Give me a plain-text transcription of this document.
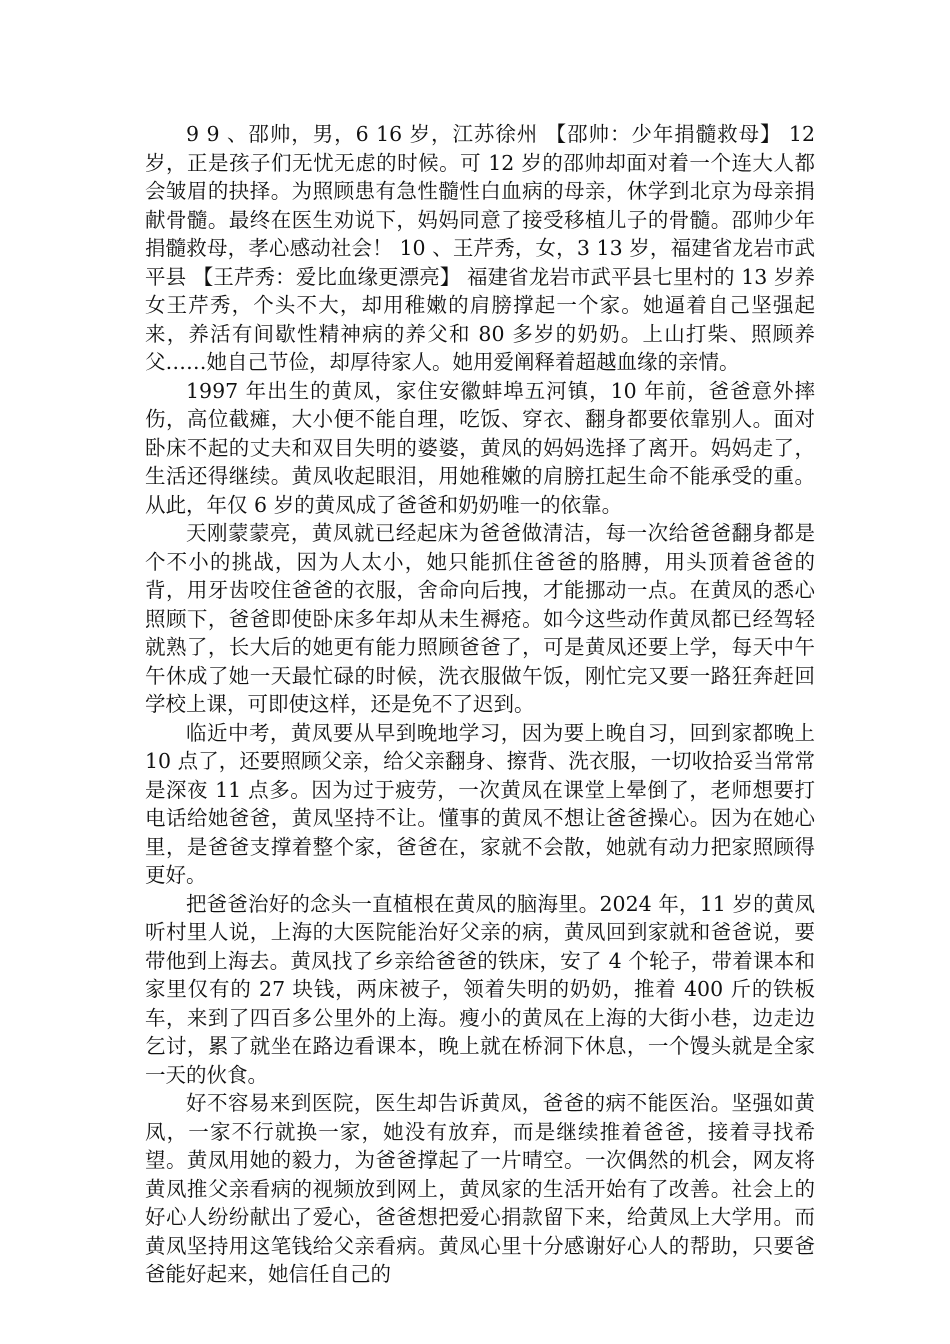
9 9 、邵帅，男，6 16 岁，江苏徐州 【邵帅：少年捐髓救母】 12 岁，正是孩子们无忧无虑的时候。可 12 岁的邵帅却面对着一个连大人都会皱眉的抉择。为照顾患有急性髓性白血病的母亲，休学到北京为母亲捐献骨髓。最终在医生劝说下，妈妈同意了接受移植儿子的骨髓。邵帅少年捐髓救母，孝心感动社会！ 10 、王芹秀，女，3 13 岁，福建省龙岩市武平县 【王芹秀：爱比血缘更漂亮】 福建省龙岩市武平县七里村的 13 岁养女王芹秀，个头不大，却用稚嫩的肩膀撑起一个家。她逼着自己坚强起来，养活有间歇性精神病的养父和 80 多岁的奶奶。上山打柴、照顾养父……她自己节俭，却厚待家人。她用爱阐释着超越血缘的亲情。

1997 年出生的黄凤，家住安徽蚌埠五河镇，10 年前，爸爸意外摔伤，高位截瘫，大小便不能自理，吃饭、穿衣、翻身都要依靠别人。面对卧床不起的丈夫和双目失明的婆婆，黄凤的妈妈选择了离开。妈妈走了，生活还得继续。黄凤收起眼泪，用她稚嫩的肩膀扛起生命不能承受的重。从此，年仅 6 岁的黄凤成了爸爸和奶奶唯一的依靠。

天刚蒙蒙亮，黄凤就已经起床为爸爸做清洁，每一次给爸爸翻身都是个不小的挑战，因为人太小，她只能抓住爸爸的胳膊，用头顶着爸爸的背，用牙齿咬住爸爸的衣服，舍命向后拽，才能挪动一点。在黄凤的悉心照顾下，爸爸即使卧床多年却从未生褥疮。如今这些动作黄凤都已经驾轻就熟了，长大后的她更有能力照顾爸爸了，可是黄凤还要上学，每天中午午休成了她一天最忙碌的时候，洗衣服做午饭，刚忙完又要一路狂奔赶回学校上课，可即使这样，还是免不了迟到。

临近中考，黄凤要从早到晚地学习，因为要上晚自习，回到家都晚上 10 点了，还要照顾父亲，给父亲翻身、擦背、洗衣服，一切收拾妥当常常是深夜 11 点多。因为过于疲劳，一次黄凤在课堂上晕倒了，老师想要打电话给她爸爸，黄凤坚持不让。懂事的黄凤不想让爸爸操心。因为在她心里，是爸爸支撑着整个家，爸爸在，家就不会散，她就有动力把家照顾得更好。

把爸爸治好的念头一直植根在黄凤的脑海里。2024 年，11 岁的黄凤听村里人说，上海的大医院能治好父亲的病，黄凤回到家就和爸爸说，要带他到上海去。黄凤找了乡亲给爸爸的铁床，安了 4 个轮子，带着课本和家里仅有的 27 块钱，两床被子，领着失明的奶奶，推着 400 斤的铁板车，来到了四百多公里外的上海。瘦小的黄凤在上海的大街小巷，边走边乞讨，累了就坐在路边看课本，晚上就在桥洞下休息，一个馒头就是全家一天的伙食。

好不容易来到医院，医生却告诉黄凤，爸爸的病不能医治。坚强如黄凤，一家不行就换一家，她没有放弃，而是继续推着爸爸，接着寻找希望。黄凤用她的毅力，为爸爸撑起了一片晴空。一次偶然的机会，网友将黄凤推父亲看病的视频放到网上，黄凤家的生活开始有了改善。社会上的好心人纷纷献出了爱心，爸爸想把爱心捐款留下来，给黄凤上大学用。而黄凤坚持用这笔钱给父亲看病。黄凤心里十分感谢好心人的帮助，只要爸爸能好起来，她信任自己的
